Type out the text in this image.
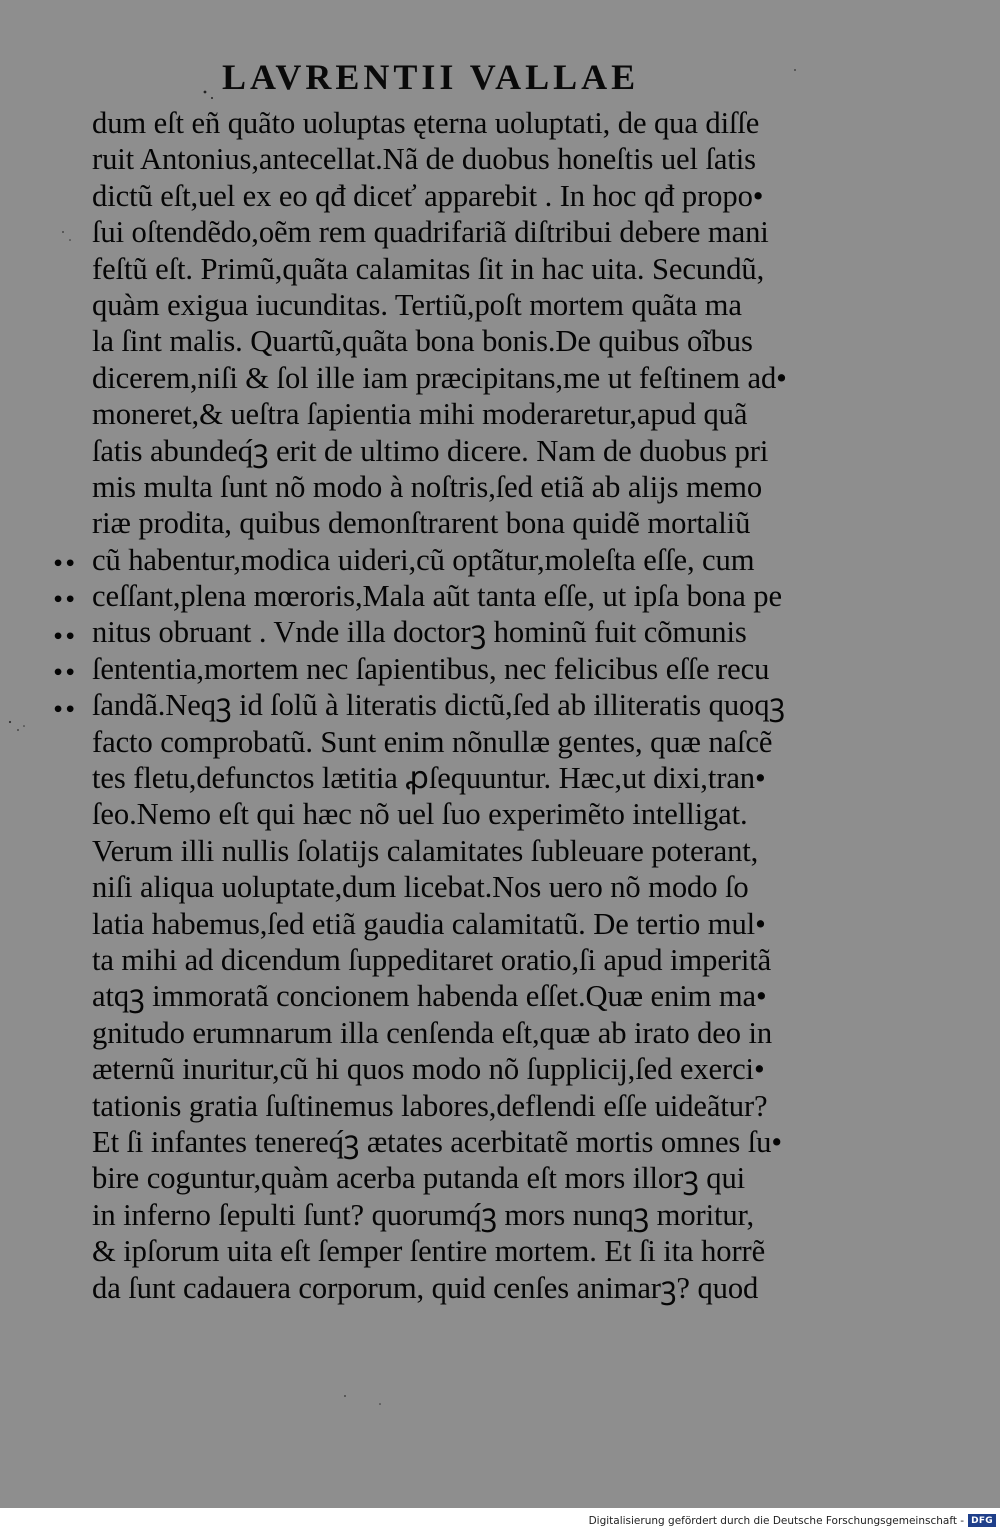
LAVRENTII VALLAE
••
••
••
••
••
dum eſt eñ quãto uoluptas ęterna uoluptati, de qua diſſe
ruit Antonius,antecellat.Nã de duobus honeſtis uel ſatis
dictũ eſt,uel ex eo qđ diceť apparebit . In hoc qđ propo•
ſui oſtendẽdo,oẽm rem quadrifariã diſtribui debere mani
feſtũ eſt. Primũ,quãta calamitas ſit in hac uita. Secundũ,
quàm exigua iucunditas. Tertiũ,poſt mortem quãta ma
la ſint malis. Quartũ,quãta bona bonis.De quibus oĩbus
dicerem,niſi & ſol ille iam præcipitans,me ut feſtinem ad•
moneret,& ueſtra ſapientia mihi moderaretur,apud quã
ſatis abundeq́ꝫ erit de ultimo dicere. Nam de duobus pri
mis multa ſunt nõ modo à noſtris,ſed etiã ab alijs memo
riæ prodita, quibus demonſtrarent bona quidẽ mortaliũ
cũ habentur,modica uideri,cũ optãtur,moleſta eſſe, cum
ceſſant,plena mœroris,Mala aũt tanta eſſe, ut ipſa bona pe
nitus obruant . Vnde illa doctorꝫ hominũ fuit cõmunis
ſententia,mortem nec ſapientibus, nec felicibus eſſe recu
ſandã.Neqꝫ id ſolũ à literatis dictũ,ſed ab illiteratis quoqꝫ
facto comprobatũ. Sunt enim nõnullæ gentes, quæ naſcẽ
tes fletu,defunctos lætitia ꝓſequuntur. Hæc,ut dixi,tran•
ſeo.Nemo eſt qui hæc nõ uel ſuo experimẽto intelligat.
Verum illi nullis ſolatijs calamitates ſubleuare poterant,
niſi aliqua uoluptate,dum licebat.Nos uero nõ modo ſo
latia habemus,ſed etiã gaudia calamitatũ. De tertio mul•
ta mihi ad dicendum ſuppeditaret oratio,ſi apud imperitã
atqꝫ immoratã concionem habenda eſſet.Quæ enim ma•
gnitudo erumnarum illa cenſenda eſt,quæ ab irato deo in
æternũ inuritur,cũ hi quos modo nõ ſupplicij,ſed exerci•
tationis gratia ſuſtinemus labores,deflendi eſſe uideãtur?
Et ſi infantes tenereq́ꝫ ætates acerbitatẽ mortis omnes ſu•
bire coguntur,quàm acerba putanda eſt mors illorꝫ qui
in inferno ſepulti ſunt? quorumq́ꝫ mors nunqꝫ moritur,
& ipſorum uita eſt ſemper ſentire mortem. Et ſi ita horrẽ
da ſunt cadauera corporum, quid cenſes animarꝫ? quod
Digitalisierung gefördert durch die Deutsche Forschungsgemeinschaft - DFG
